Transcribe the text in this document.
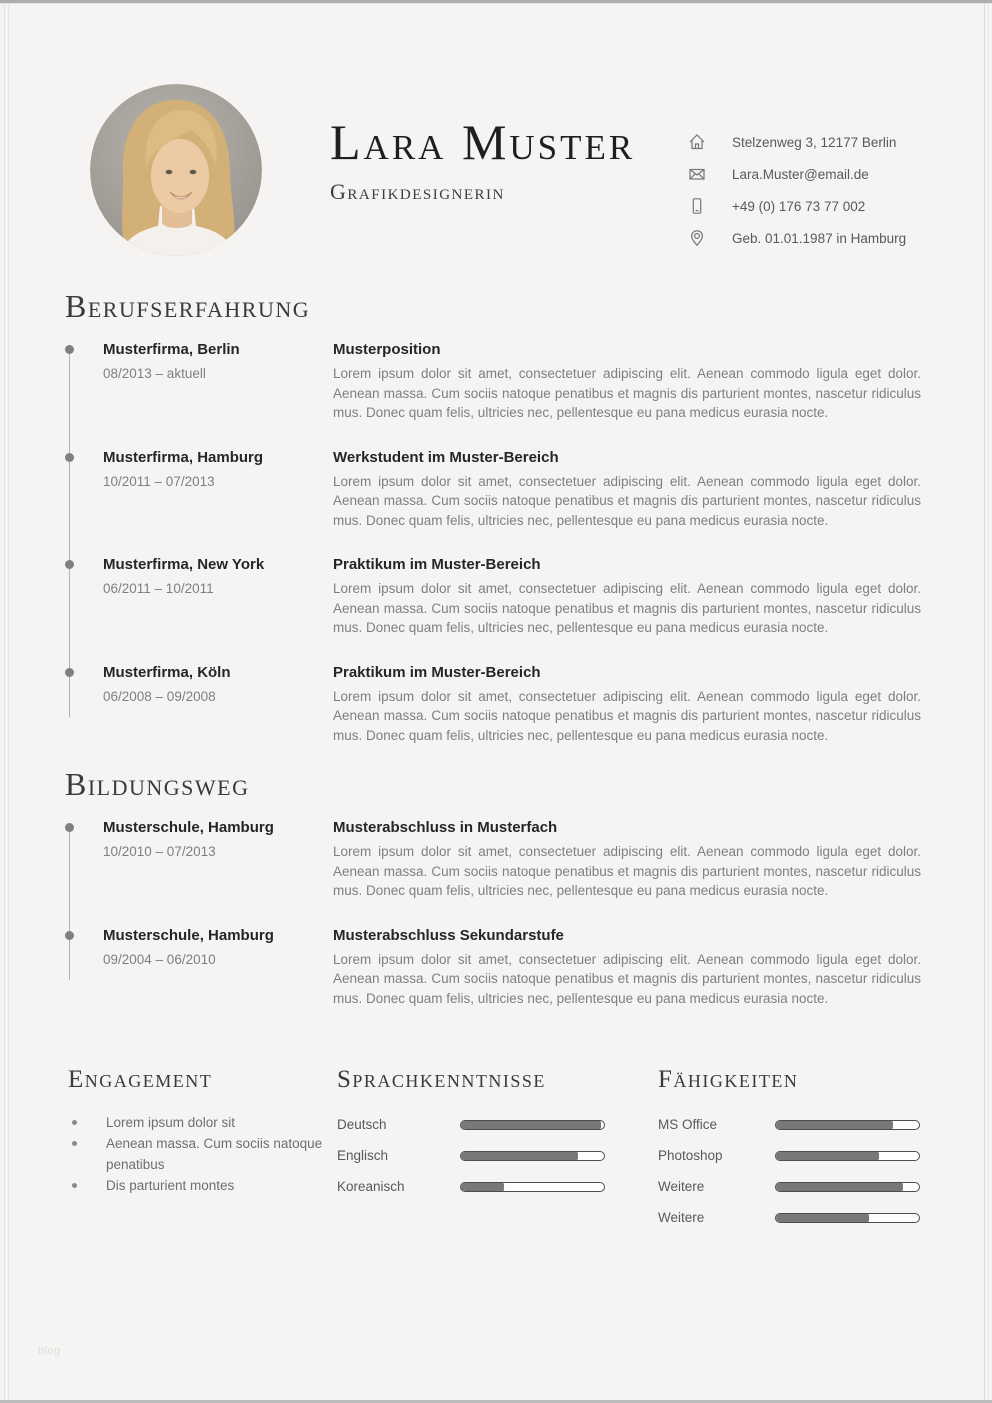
Lara Muster
Grafikdesignerin
Stelzenweg 3, 12177 Berlin
Lara.Muster@email.de
+49 (0) 176 73 77 002
Geb. 01.01.1987 in Hamburg
Berufserfahrung
Musterfirma, Berlin
08/2013 – aktuell
Musterposition
Lorem ipsum dolor sit amet, consectetuer adipiscing elit. Aenean commodo ligula eget dolor. Aenean massa. Cum sociis natoque penatibus et magnis dis parturient montes, nascetur ridiculus mus. Donec quam felis, ultricies nec, pellentesque eu pana medicus eurasia nocte.
Musterfirma, Hamburg
10/2011 – 07/2013
Werkstudent im Muster-Bereich
Lorem ipsum dolor sit amet, consectetuer adipiscing elit. Aenean commodo ligula eget dolor. Aenean massa. Cum sociis natoque penatibus et magnis dis parturient montes, nascetur ridiculus mus. Donec quam felis, ultricies nec, pellentesque eu pana medicus eurasia nocte.
Musterfirma, New York
06/2011 – 10/2011
Praktikum im Muster-Bereich
Lorem ipsum dolor sit amet, consectetuer adipiscing elit. Aenean commodo ligula eget dolor. Aenean massa. Cum sociis natoque penatibus et magnis dis parturient montes, nascetur ridiculus mus. Donec quam felis, ultricies nec, pellentesque eu pana medicus eurasia nocte.
Musterfirma, Köln
06/2008 – 09/2008
Praktikum im Muster-Bereich
Lorem ipsum dolor sit amet, consectetuer adipiscing elit. Aenean commodo ligula eget dolor. Aenean massa. Cum sociis natoque penatibus et magnis dis parturient montes, nascetur ridiculus mus. Donec quam felis, ultricies nec, pellentesque eu pana medicus eurasia nocte.
Bildungsweg
Musterschule, Hamburg
10/2010 – 07/2013
Musterabschluss in Musterfach
Lorem ipsum dolor sit amet, consectetuer adipiscing elit. Aenean commodo ligula eget dolor. Aenean massa. Cum sociis natoque penatibus et magnis dis parturient montes, nascetur ridiculus mus. Donec quam felis, ultricies nec, pellentesque eu pana medicus eurasia nocte.
Musterschule, Hamburg
09/2004 – 06/2010
Musterabschluss Sekundarstufe
Lorem ipsum dolor sit amet, consectetuer adipiscing elit. Aenean commodo ligula eget dolor. Aenean massa. Cum sociis natoque penatibus et magnis dis parturient montes, nascetur ridiculus mus. Donec quam felis, ultricies nec, pellentesque eu pana medicus eurasia nocte.
Engagement
Lorem ipsum dolor sit
Aenean massa. Cum sociis natoque penatibus
Dis parturient montes
Sprachkenntnisse
Deutsch
Englisch
Koreanisch
Fähigkeiten
MS Office
Photoshop
Weitere
Weitere
blog
